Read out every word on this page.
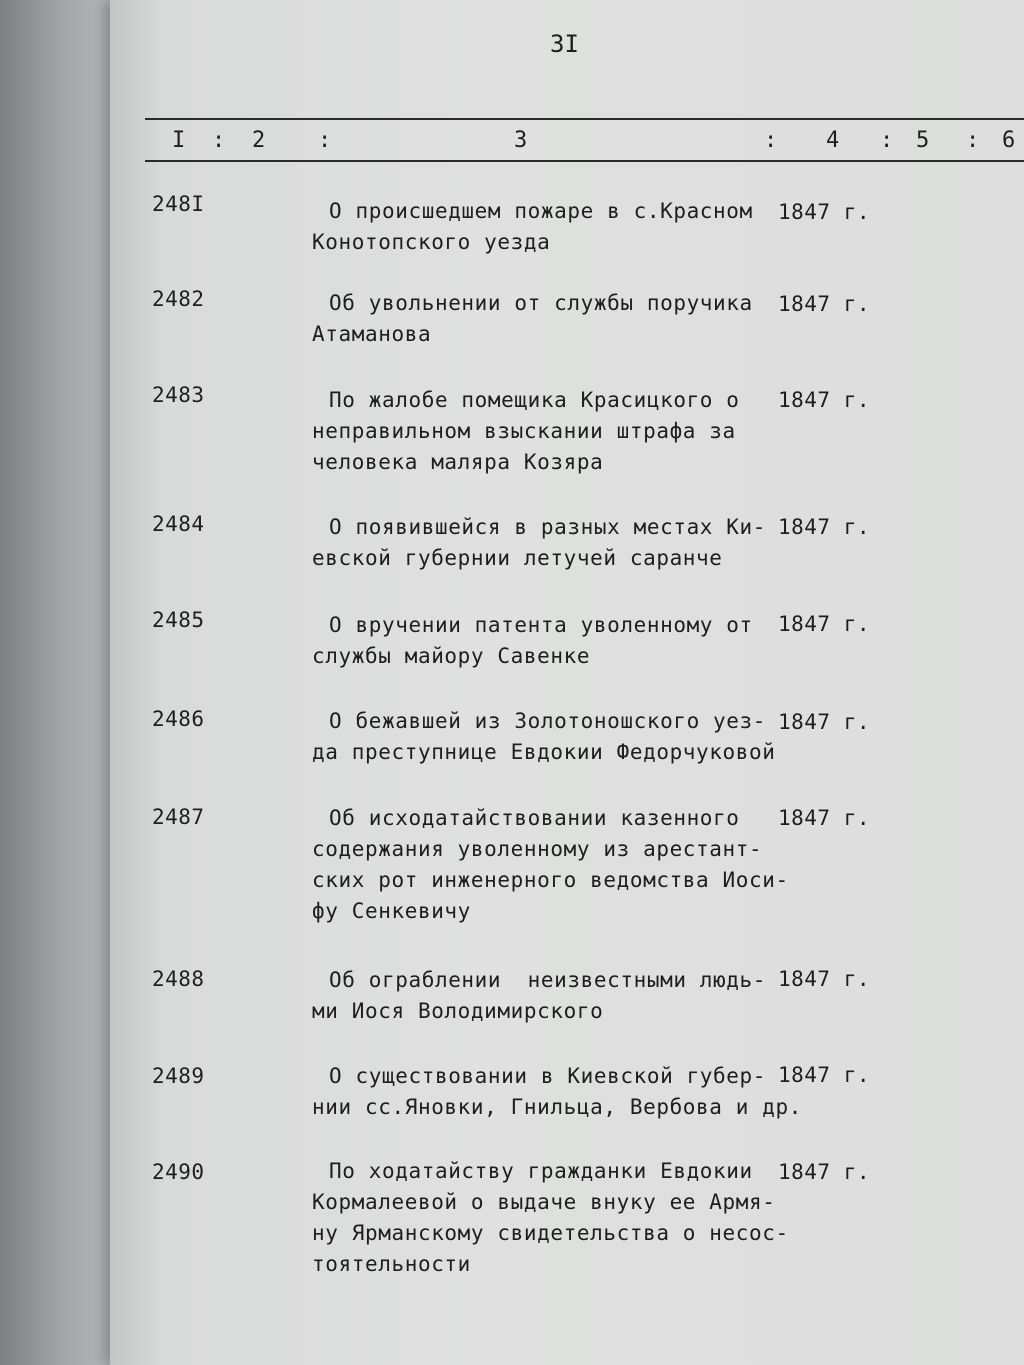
3I
I : 2 :	3	: 4 : 5 : 6
248I	О происшедшем пожаре в с.Красном
Конотопского уезда
1847 г.
2482	Об увольнении от службы поручика
Атаманова
1847 г.
2483	По жалобе помещика Красицкого о
неправильном взыскании штрафа за
человека маляра Козяра
1847 г.
2484	О появившейся в разных местах Ки-
евской губернии летучей саранче
1847 г.
2485	О вручении патента уволенному от
службы майору Савенке
1847 г.
2486	О бежавшей из Золотоношского уез-
да преступнице Евдокии Федорчуковой
1847 г.
2487	Об исходатайствовании казенного
содержания уволенному из арестант-
ских рот инженерного ведомства Иоси-
фу Сенкевичу
1847 г.
2488	Об ограблении  неизвестными людь-
ми Иося Володимирского
1847 г.
2489	О существовании в Киевской губер-
нии сс.Яновки, Гнильца, Вербова и др.
1847 г.
2490	По ходатайству гражданки Евдокии
Кормалеевой о выдаче внуку ее Армя-
ну Ярманскому свидетельства о несос-
тоятельности
1847 г.
